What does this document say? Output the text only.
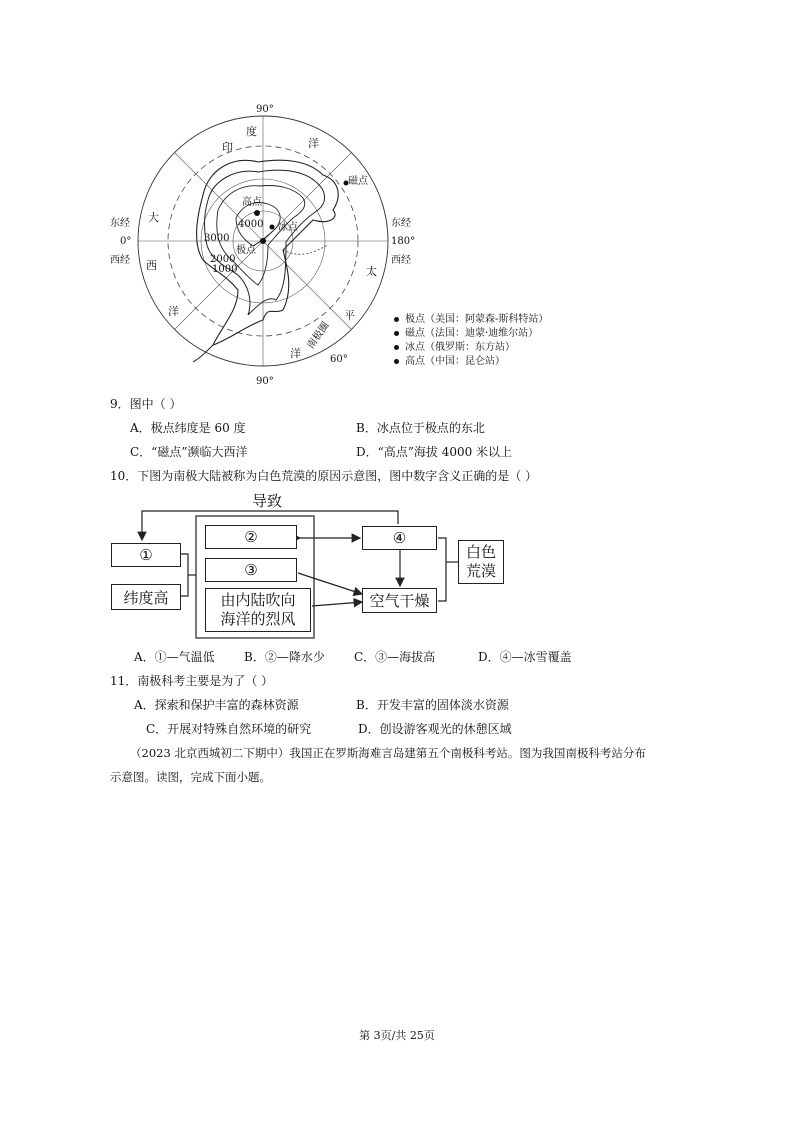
90°
90°
东经
0°
西经
东经
180°
西经
60°
印
度
洋
大
西
洋
太
平
洋
南极圈
磁点
高点
冰点
极点
4000
3000
2000
1000
极点（美国：阿蒙森-斯科特站）
磁点（法国：迪蒙·迪维尔站）
冰点（俄罗斯：东方站）
高点（中国：昆仑站）
9．图中（ ）
A．极点纬度是 60 度	B．冰点位于极点的东北
C．“磁点”濒临大西洋	D．“高点”海拔 4000 米以上
10．下图为南极大陆被称为白色荒漠的原因示意图，图中数字含义正确的是（ ）
导致
①
纬度高
②
③
由内陆吹向
海洋的烈风
④
空气干燥
白色
荒漠
A．①—气温低 B．②—降水少 C．③—海拔高	D．④—冰雪覆盖
11．南极科考主要是为了（ ）
A．探索和保护丰富的森林资源	B．开发丰富的固体淡水资源
C．开展对特殊自然环境的研究	D．创设游客观光的休憩区域
（2023 北京西城初二下期中）我国正在罗斯海难言岛建第五个南极科考站。图为我国南极科考站分布
示意图。读图，完成下面小题。
第 3页/共 25页
